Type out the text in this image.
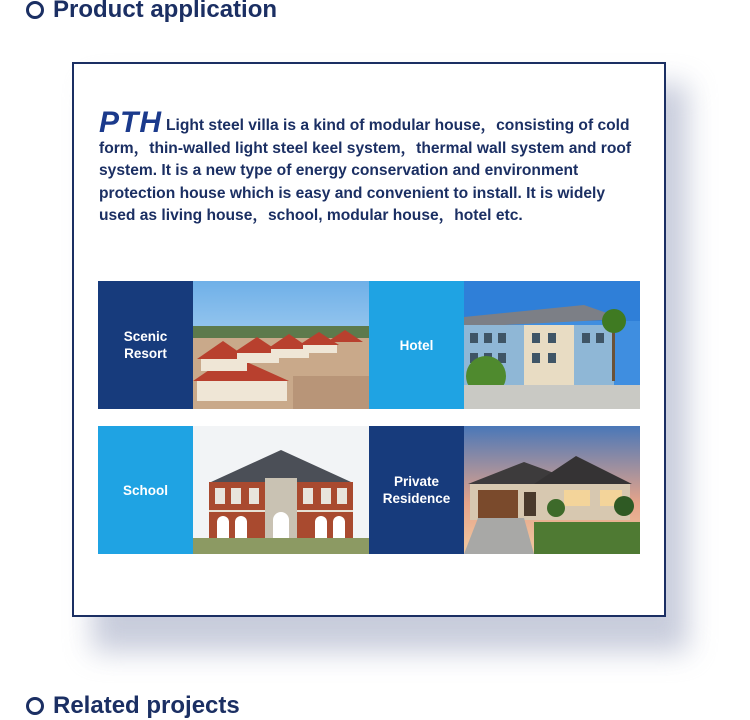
Product application
PTH Light steel villa is a kind of modular house，consisting of cold form，thin-walled light steel keel system，thermal wall system and roof system. It is a new type of energy conservation and environment protection house which is easy and convenient to install. It is widely used as living house，school, modular house，hotel etc.
Scenic
Resort
Hotel
School
Private
Residence
Related projects
